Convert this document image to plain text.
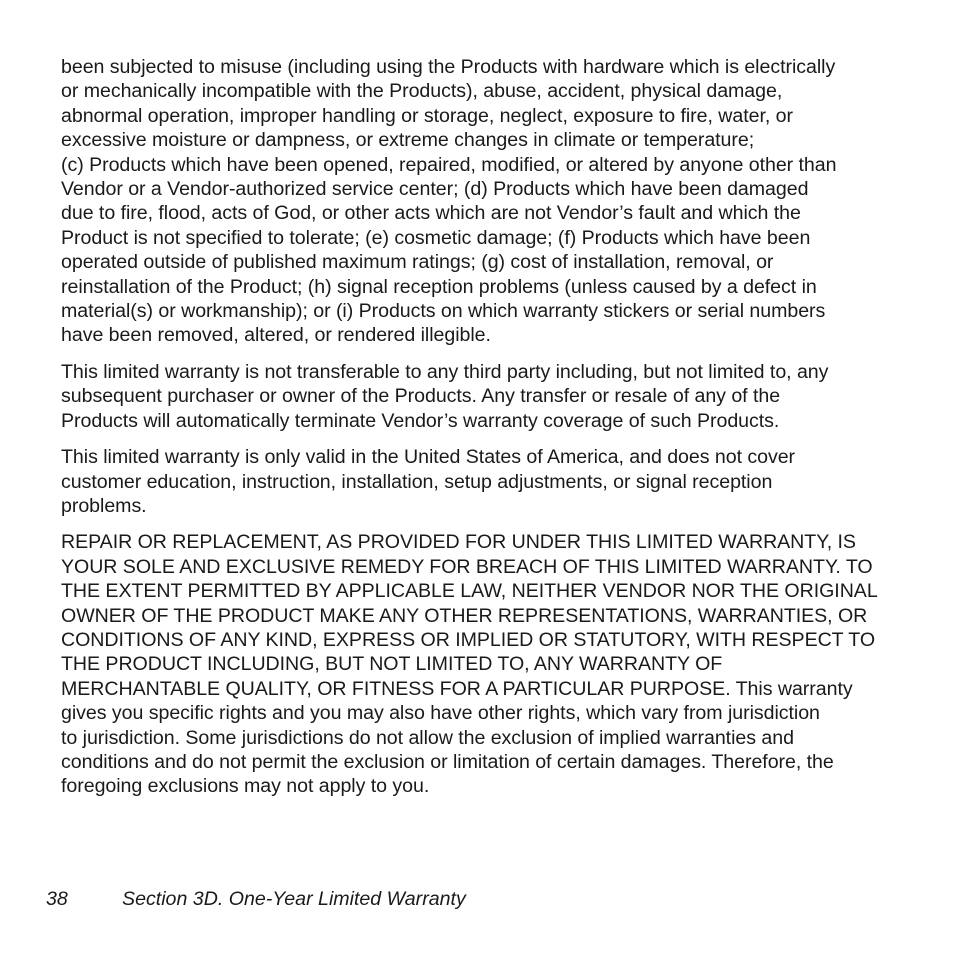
been subjected to misuse (including using the Products with hardware which is electrically
or mechanically incompatible with the Products), abuse, accident, physical damage,
abnormal operation, improper handling or storage, neglect, exposure to fire, water, or
excessive moisture or dampness, or extreme changes in climate or temperature;
(c) Products which have been opened, repaired, modified, or altered by anyone other than
Vendor or a Vendor-authorized service center; (d) Products which have been damaged
due to fire, flood, acts of God, or other acts which are not Vendor’s fault and which the
Product is not specified to tolerate; (e) cosmetic damage; (f) Products which have been
operated outside of published maximum ratings; (g) cost of installation, removal, or
reinstallation of the Product; (h) signal reception problems (unless caused by a defect in
material(s) or workmanship); or (i) Products on which warranty stickers or serial numbers
have been removed, altered, or rendered illegible.
This limited warranty is not transferable to any third party including, but not limited to, any
subsequent purchaser or owner of the Products. Any transfer or resale of any of the
Products will automatically terminate Vendor’s warranty coverage of such Products.
This limited warranty is only valid in the United States of America, and does not cover
customer education, instruction, installation, setup adjustments, or signal reception
problems.
REPAIR OR REPLACEMENT, AS PROVIDED FOR UNDER THIS LIMITED WARRANTY, IS
YOUR SOLE AND EXCLUSIVE REMEDY FOR BREACH OF THIS LIMITED WARRANTY. TO
THE EXTENT PERMITTED BY APPLICABLE LAW, NEITHER VENDOR NOR THE ORIGINAL
OWNER OF THE PRODUCT MAKE ANY OTHER REPRESENTATIONS, WARRANTIES, OR
CONDITIONS OF ANY KIND, EXPRESS OR IMPLIED OR STATUTORY, WITH RESPECT TO
THE PRODUCT INCLUDING, BUT NOT LIMITED TO, ANY WARRANTY OF
MERCHANTABLE QUALITY, OR FITNESS FOR A PARTICULAR PURPOSE. This warranty
gives you specific rights and you may also have other rights, which vary from jurisdiction
to jurisdiction. Some jurisdictions do not allow the exclusion of implied warranties and
conditions and do not permit the exclusion or limitation of certain damages. Therefore, the
foregoing exclusions may not apply to you.
38	Section 3D. One-Year Limited Warranty
